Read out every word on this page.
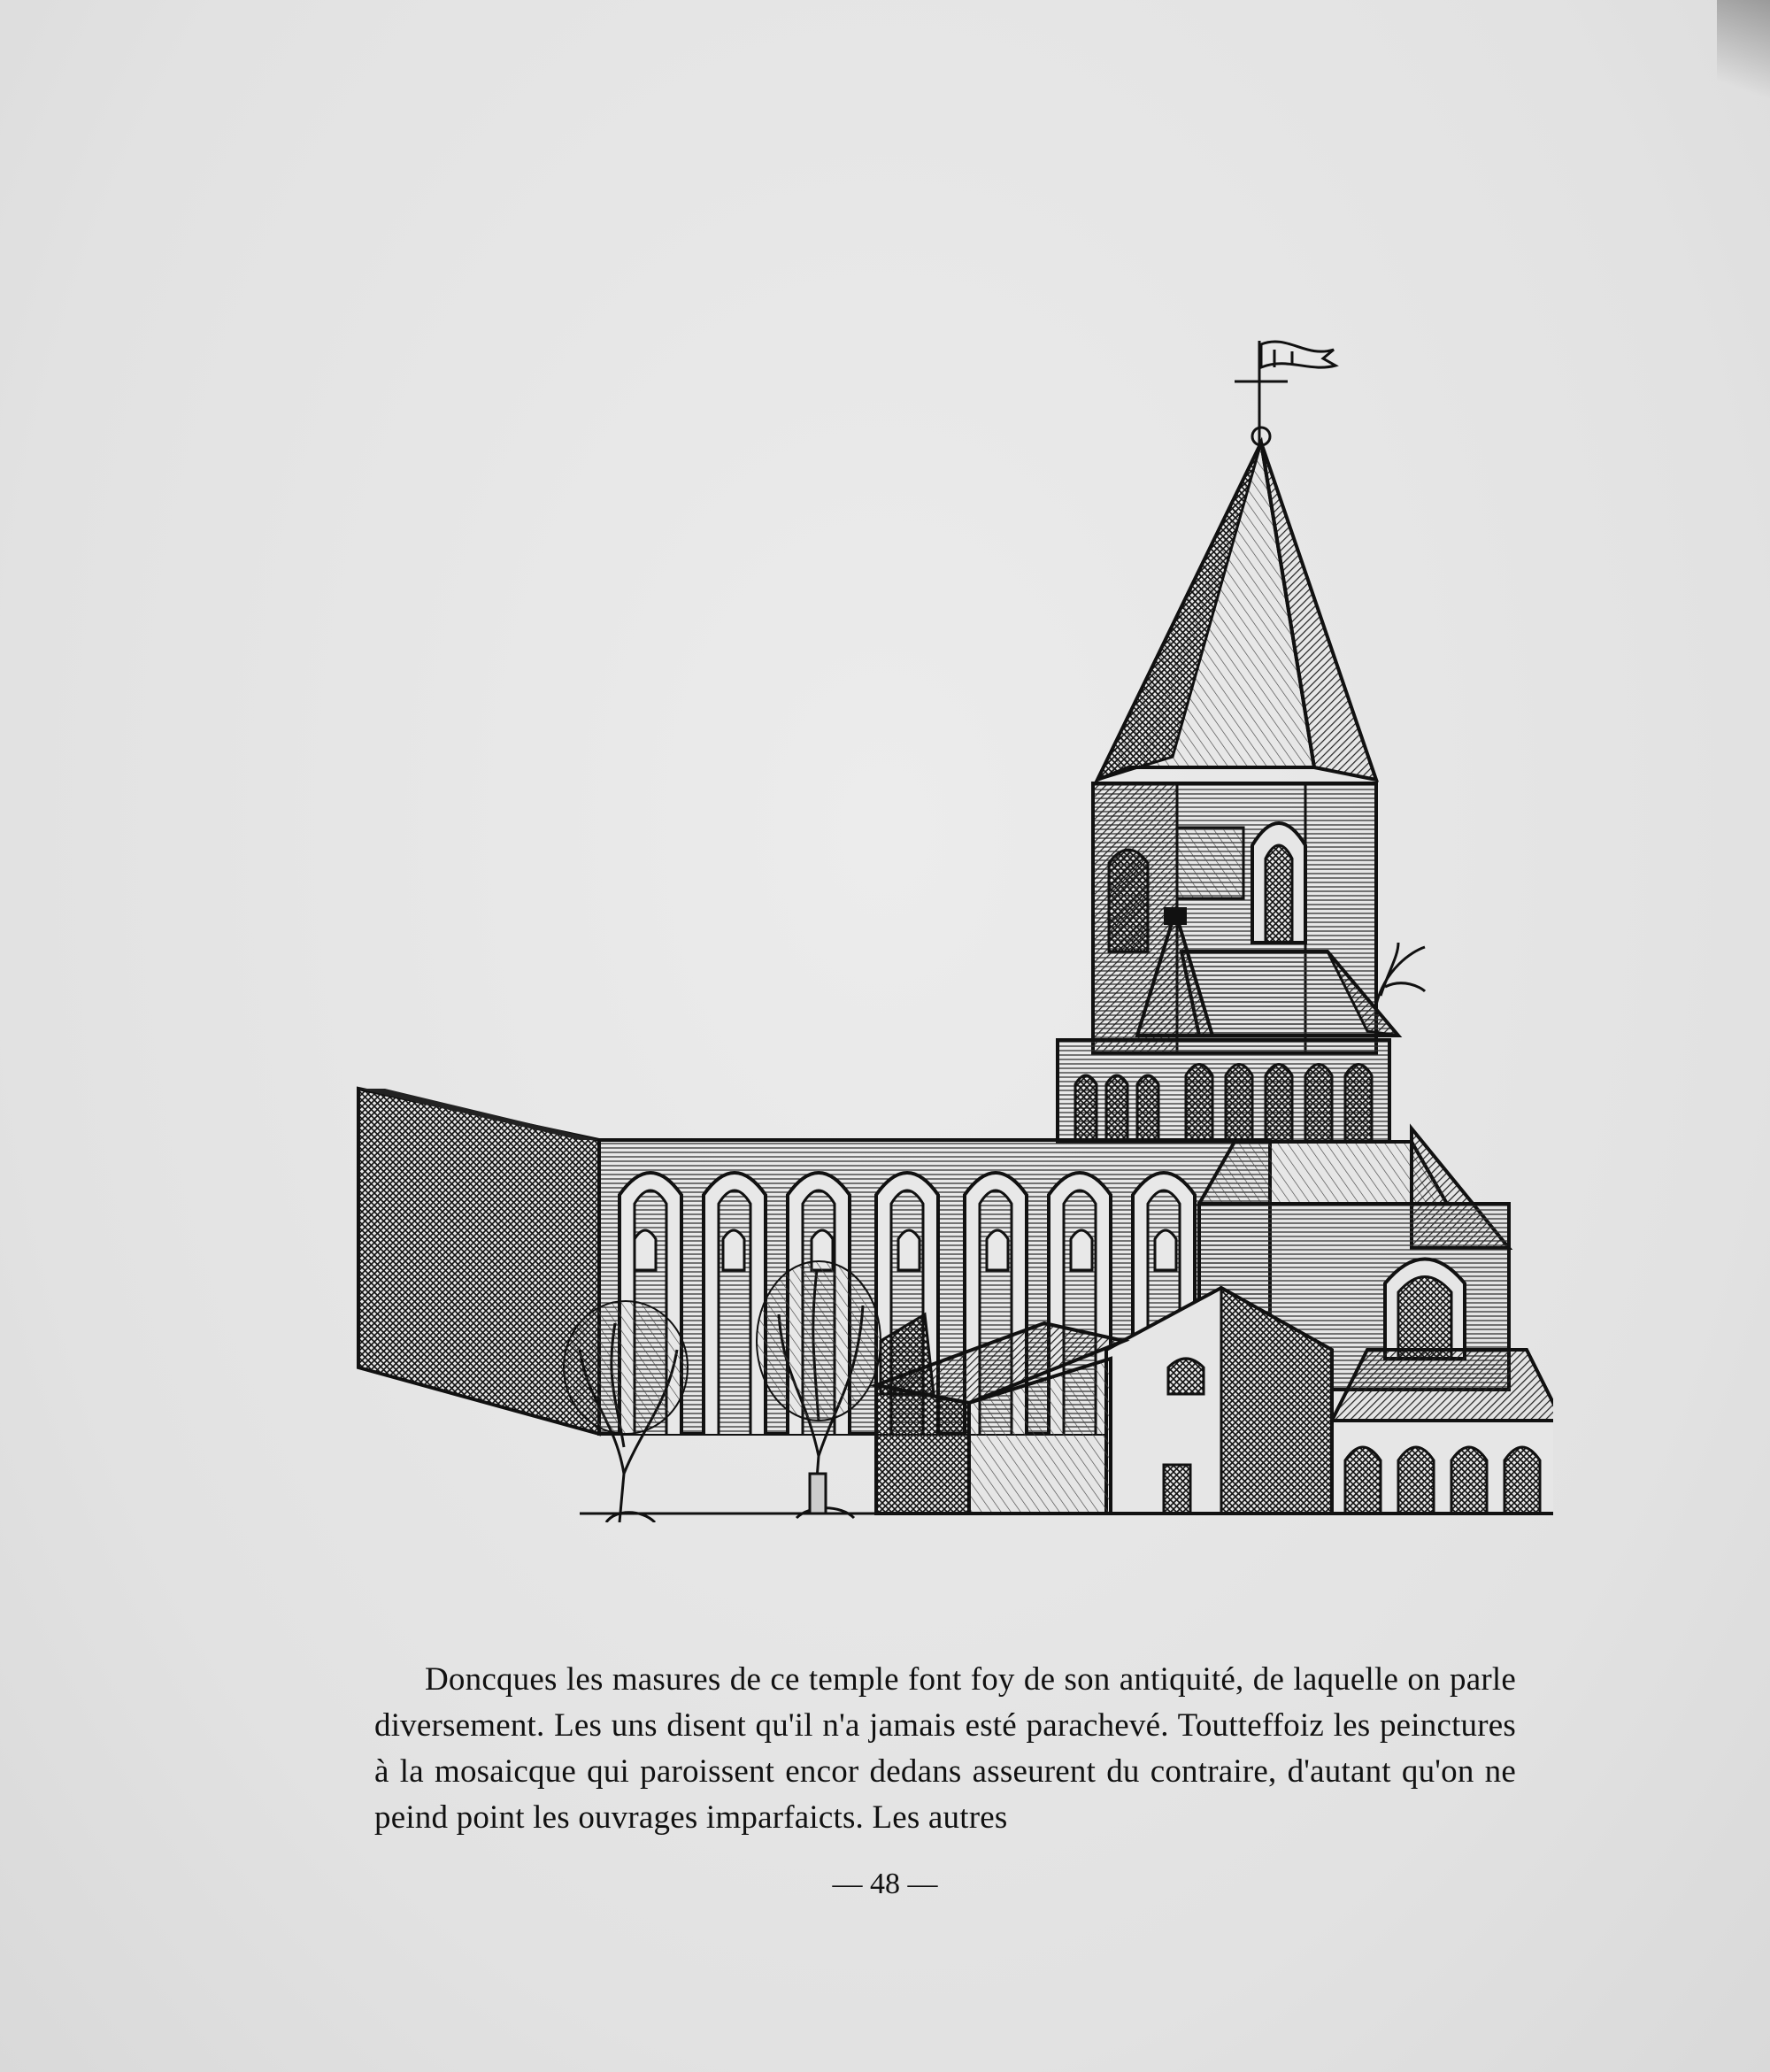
Doncques les masures de ce temple font foy de son antiquité, de laquelle on parle diversement. Les uns disent qu'il n'a jamais esté parachevé. Toutteffoiz les peinctures à la mosaicque qui paroissent encor dedans asseurent du contraire, d'autant qu'on ne peind point les ouvrages imparfaicts. Les autres

— 48 —
